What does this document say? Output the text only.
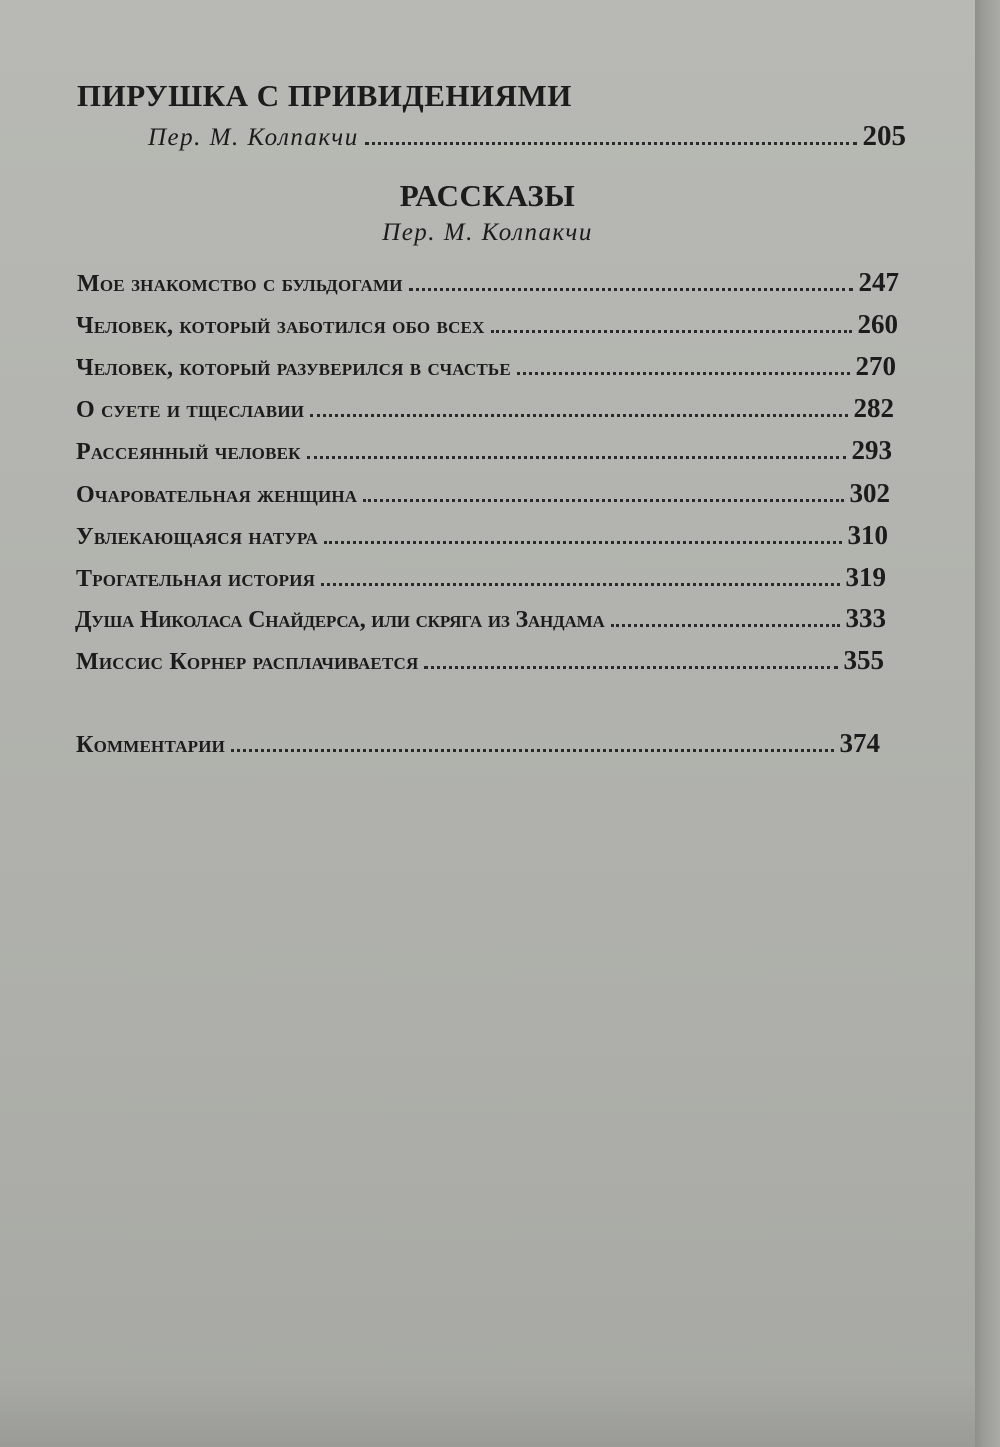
ПИРУШКА С ПРИВИДЕНИЯМИ
Пер. М. Колпакчи	205
РАССКАЗЫ
Пер. М. Колпакчи
Мое знакомство с бульдогами	247
Человек, который заботился обо всех	260
Человек, который разуверился в счастье	270
О суете и тщеславии	282
Рассеянный человек	293
Очаровательная женщина	302
Увлекающаяся натура	310
Трогательная история	319
Душа Николаса Снайдерса, или скряга из Зандама	333
Миссис Корнер расплачивается	355
Комментарии	374
